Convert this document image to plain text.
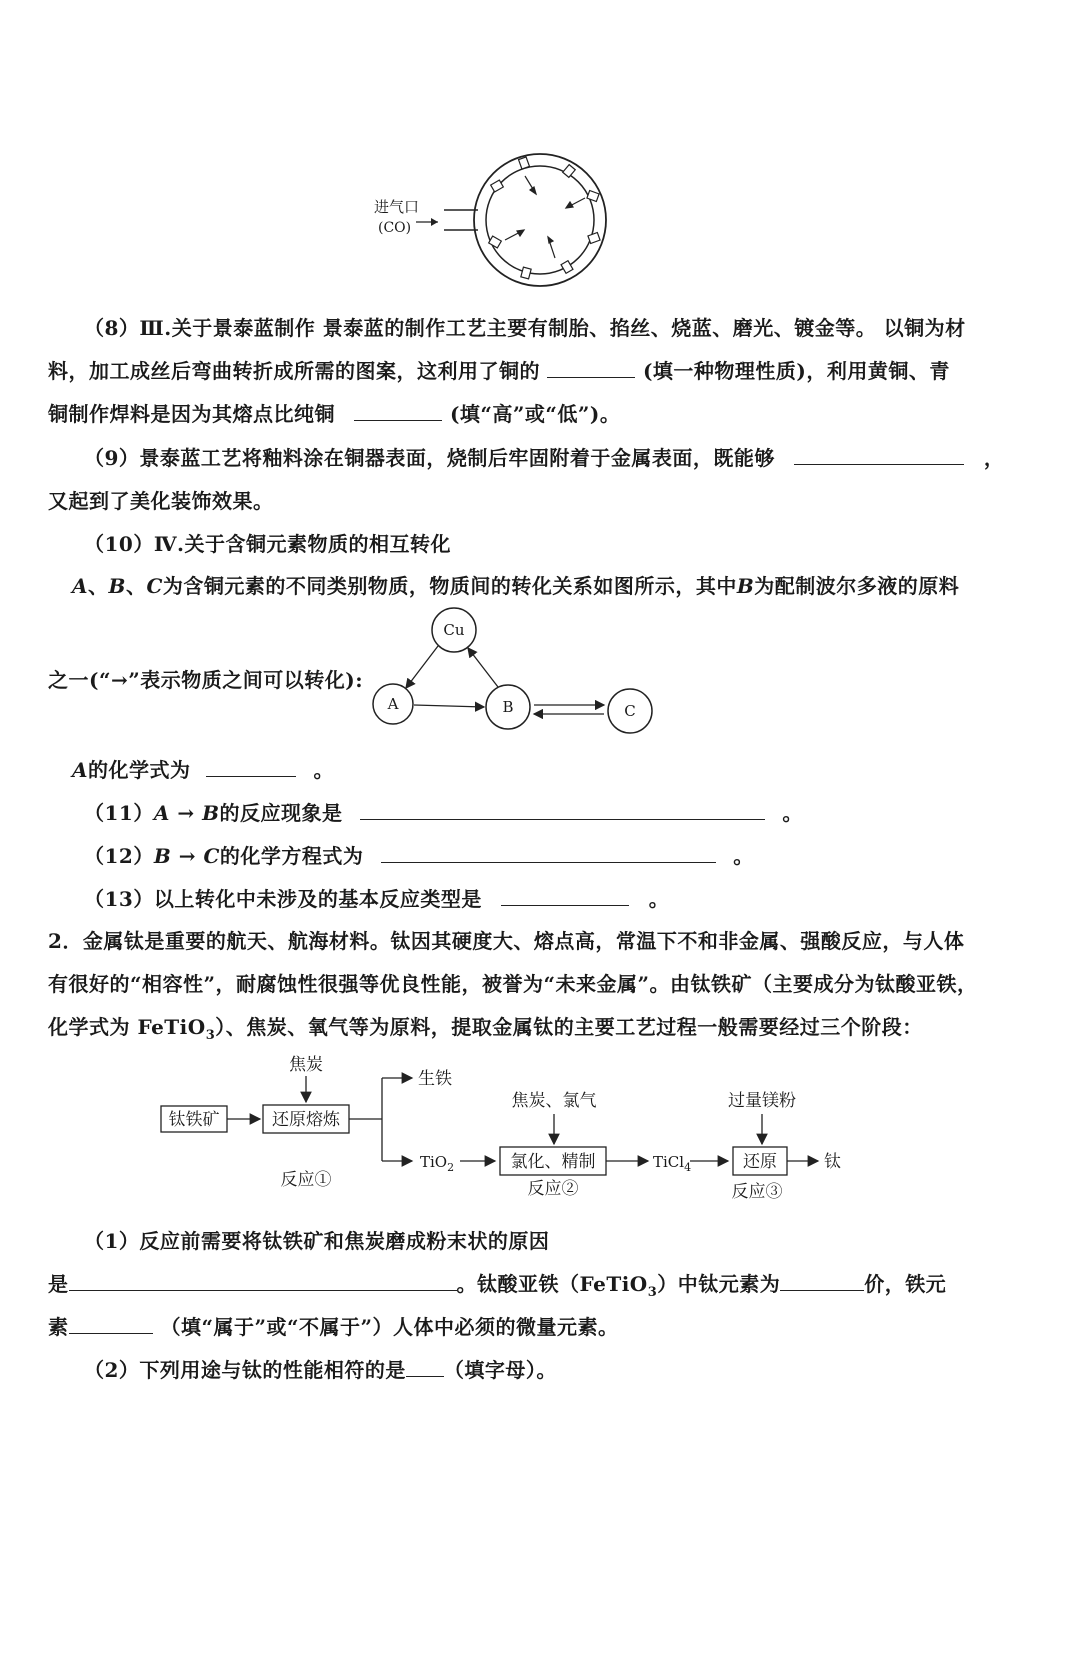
进气口
(CO)
（8）Ⅲ.关于景泰蓝制作 景泰蓝的制作工艺主要有制胎、掐丝、烧蓝、磨光、镀金等。 以铜为材
料，加工成丝后弯曲转折成所需的图案，这利用了铜的	(填一种物理性质)，利用黄铜、青
铜制作焊料是因为其熔点比纯铜	(填“高”或“低”)。
（9）景泰蓝工艺将釉料涂在铜器表面，烧制后牢固附着于金属表面，既能够	，
又起到了美化装饰效果。
（10）Ⅳ.关于含铜元素物质的相互转化
A、B、C为含铜元素的不同类别物质，物质间的转化关系如图所示，其中B为配制波尔多液的原料
之一(“→”表示物质之间可以转化):
Cu
A	B	C
A的化学式为	。
（11）A → B的反应现象是	。
（12）B → C的化学方程式为	。
（13）以上转化中未涉及的基本反应类型是	。
2．金属钛是重要的航天、航海材料。钛因其硬度大、熔点高，常温下不和非金属、强酸反应，与人体
有很好的“相容性”，耐腐蚀性很强等优良性能，被誉为“未来金属”。由钛铁矿（主要成分为钛酸亚铁，
化学式为 FeTiO$_3$）、焦炭、氧气等为原料，提取金属钛的主要工艺过程一般需要经过三个阶段：
钛铁矿
焦炭
还原熔炼
生铁
TiO$_2$
反应①
焦炭、氯气
氯化、精制
反应②
TiCl$_4$
过量镁粉
还原
反应③
钛
（1）反应前需要将钛铁矿和焦炭磨成粉末状的原因
是	。钛酸亚铁（FeTiO$_3$）中钛元素为	价，铁元
素	（填“属于”或“不属于”）人体中必须的微量元素。
（2）下列用途与钛的性能相符的是 （填字母）。
